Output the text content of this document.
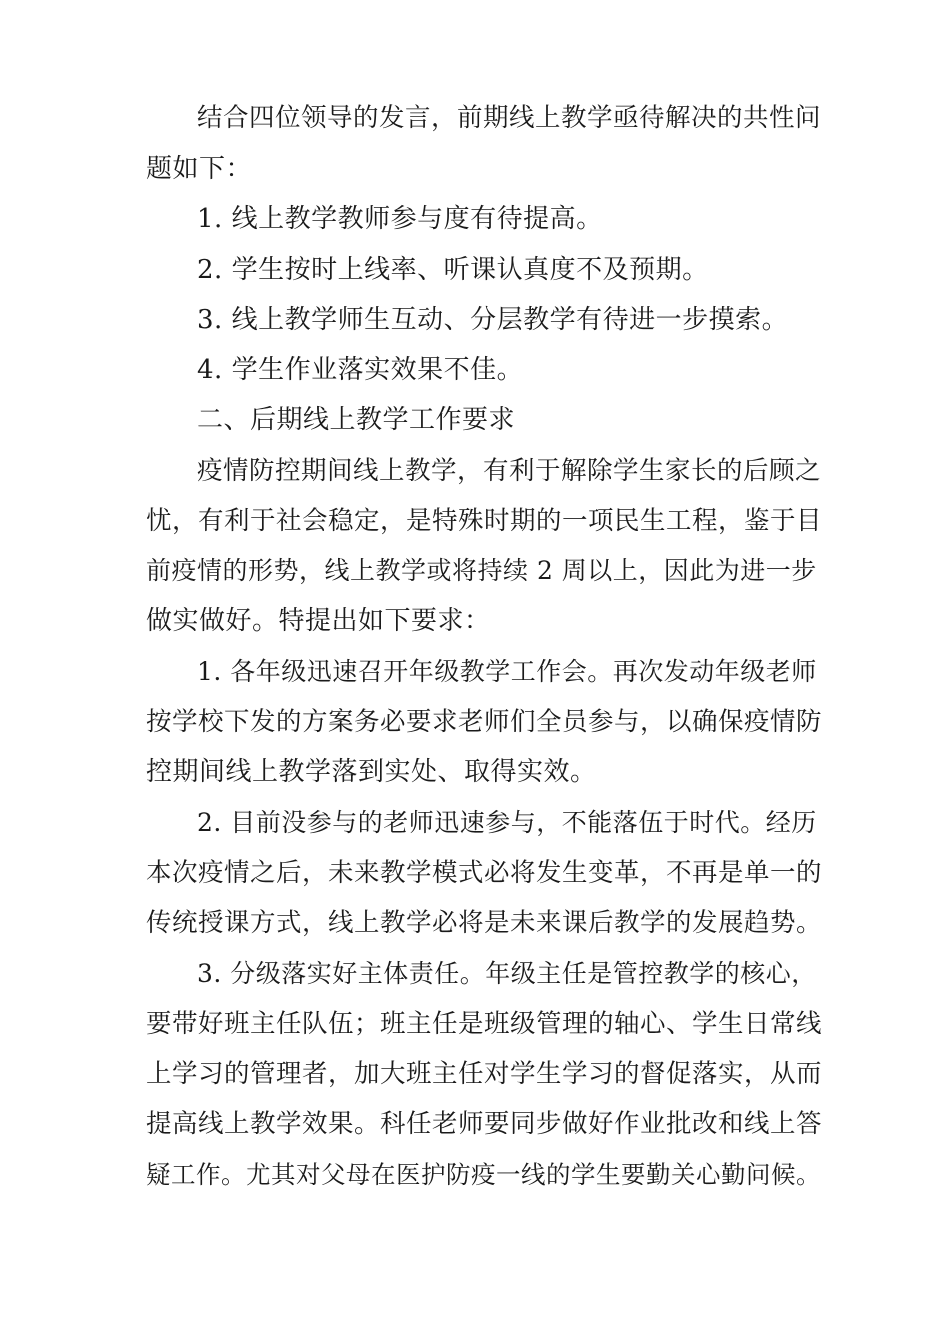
结合四位领导的发言，前期线上教学亟待解决的共性问
题如下：
1. 线上教学教师参与度有待提高。
2. 学生按时上线率、听课认真度不及预期。
3. 线上教学师生互动、分层教学有待进一步摸索。
4. 学生作业落实效果不佳。
二、后期线上教学工作要求
疫情防控期间线上教学，有利于解除学生家长的后顾之
忧，有利于社会稳定，是特殊时期的一项民生工程，鉴于目
前疫情的形势，线上教学或将持续 2 周以上，因此为进一步
做实做好。特提出如下要求：
1. 各年级迅速召开年级教学工作会。再次发动年级老师
按学校下发的方案务必要求老师们全员参与，以确保疫情防
控期间线上教学落到实处、取得实效。
2. 目前没参与的老师迅速参与，不能落伍于时代。经历
本次疫情之后，未来教学模式必将发生变革，不再是单一的
传统授课方式，线上教学必将是未来课后教学的发展趋势。
3. 分级落实好主体责任。年级主任是管控教学的核心，
要带好班主任队伍；班主任是班级管理的轴心、学生日常线
上学习的管理者，加大班主任对学生学习的督促落实，从而
提高线上教学效果。科任老师要同步做好作业批改和线上答
疑工作。尤其对父母在医护防疫一线的学生要勤关心勤问候。
